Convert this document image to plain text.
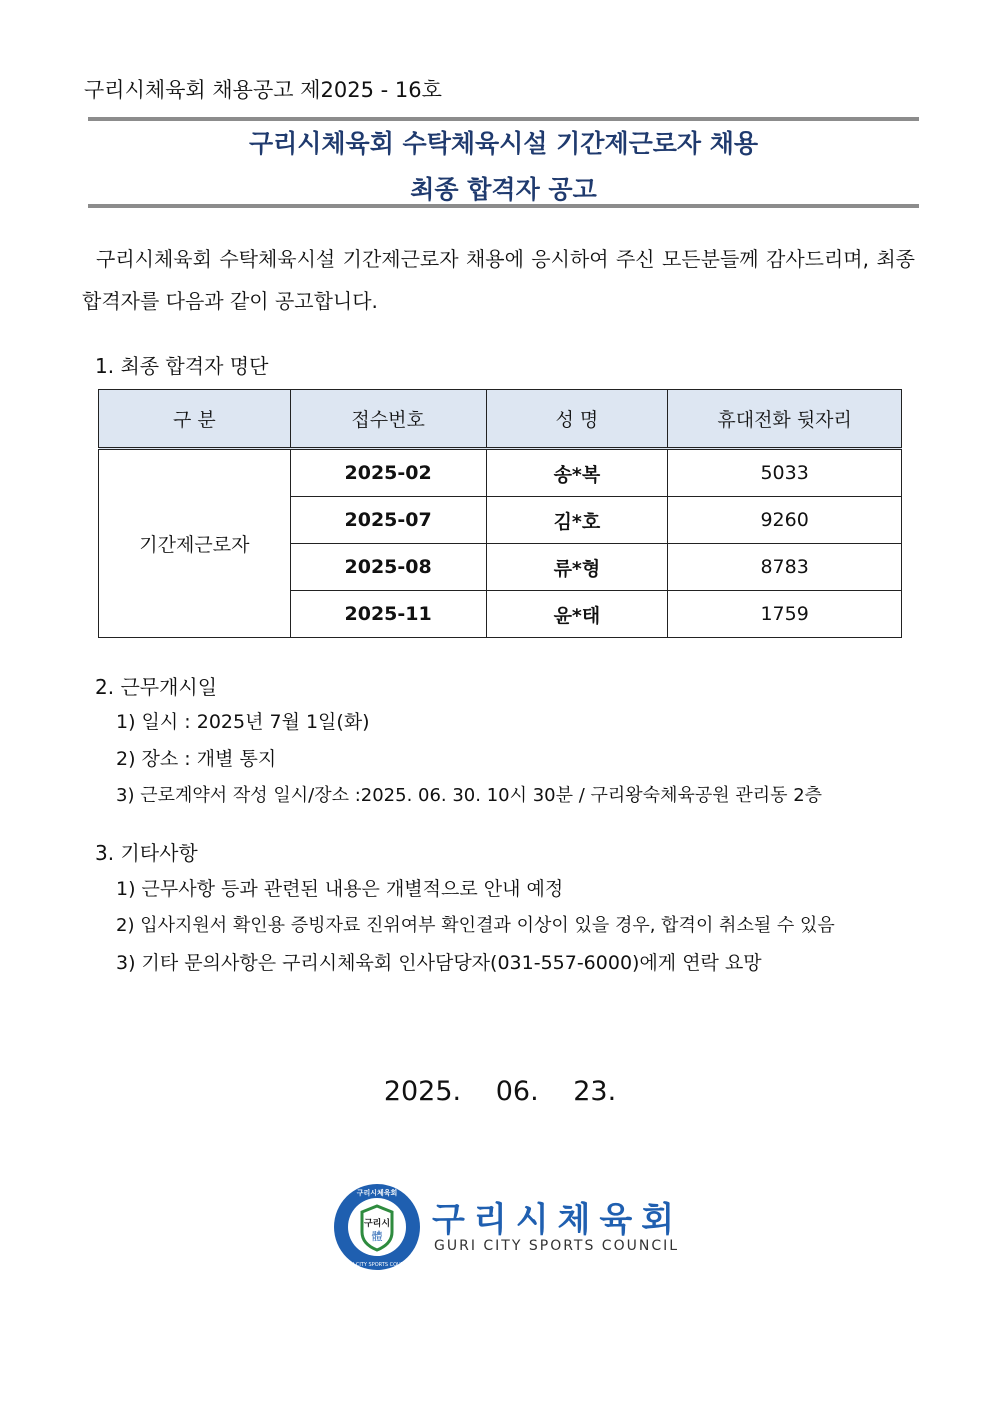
구리시체육회 채용공고 제2025 - 16호
구리시체육회 수탁체육시설 기간제근로자 채용
최종 합격자 공고
구리시체육회 수탁체육시설 기간제근로자 채용에 응시하여 주신 모든분들께 감사드리며, 최종 합격자를 다음과 같이 공고합니다.
1. 최종 합격자 명단
구 분	접수번호	성 명	휴대전화 뒷자리
기간제근로자	2025-02	송*복	5033
	2025-07	김*호	9260
	2025-08	류*형	8783
	2025-11	윤*태	1759
2. 근무개시일
1) 일시 : 2025년 7월 1일(화)
2) 장소 : 개별 통지
3) 근로계약서 작성 일시/장소 :2025. 06. 30. 10시 30분 / 구리왕숙체육공원 관리동 2층
3. 기타사항
1) 근무사항 등과 관련된 내용은 개별적으로 안내 예정
2) 입사지원서 확인용 증빙자료 진위여부 확인결과 이상이 있을 경우, 합격이 취소될 수 있음
3) 기타 문의사항은 구리시체육회 인사담당자(031-557-6000)에게 연락 요망
2025. 06. 23.
구리시
體
구리시체육회
GURI CITY SPORTS COUNCIL
구리시체육회
GURI CITY SPORTS COUNCIL
